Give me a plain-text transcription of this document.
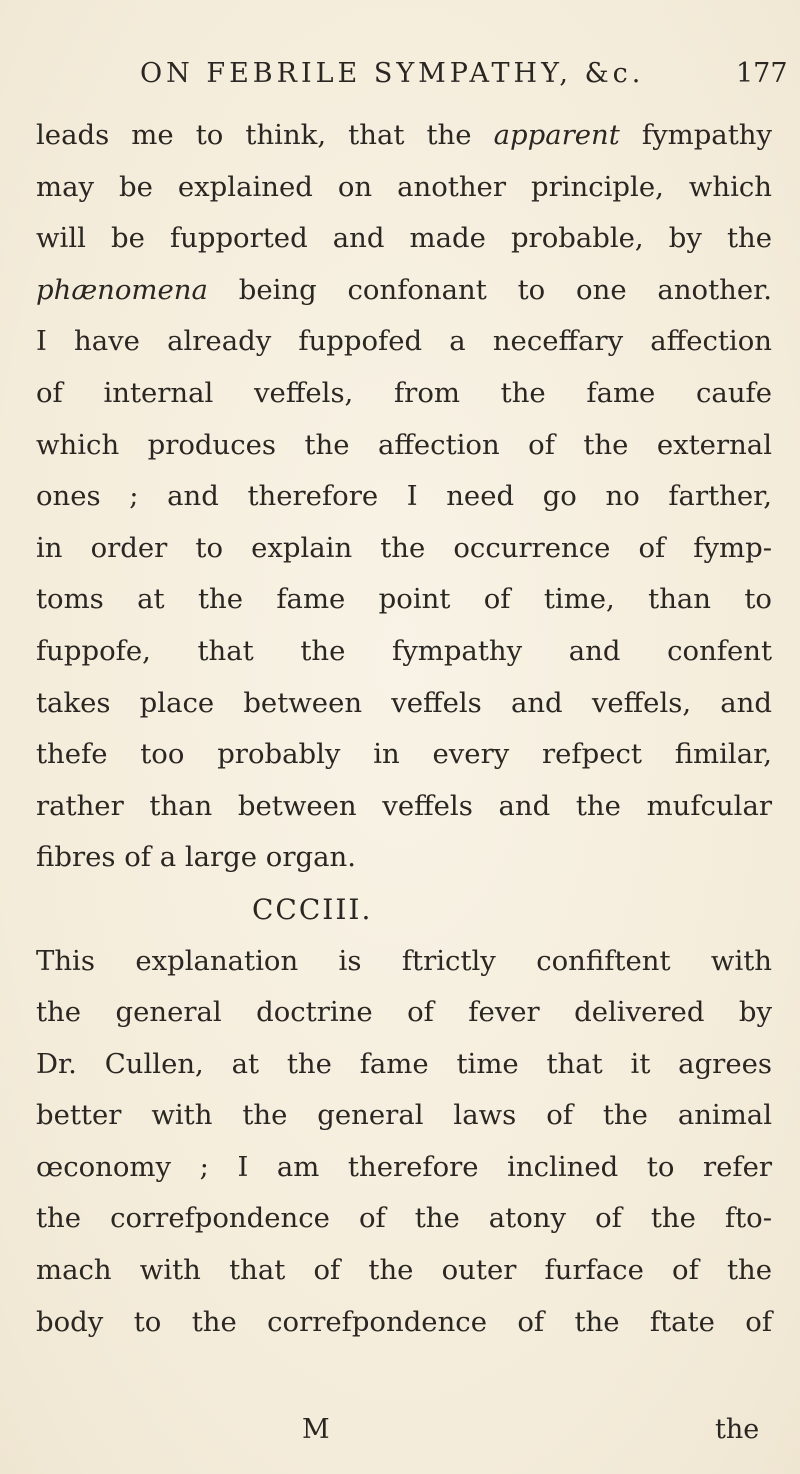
ON FEBRILE SYMPATHY, &c.	177
leads me to think, that the apparent fympathy
may be explained on another principle, which
will be fupported and made probable, by the
phænomena being confonant to one another.
I have already fuppofed a neceffary affection
of internal veffels, from the fame caufe
which produces the affection of the external
ones ; and therefore I need go no farther,
in order to explain the occurrence of fymp-
toms at the fame point of time, than to
fuppofe, that the fympathy and confent
takes place between veffels and veffels, and
thefe too probably in every refpect fimilar,
rather than between veffels and the mufcular
fibres of a large organ.
CCCIII.
This explanation is ftrictly confiftent with
the general doctrine of fever delivered by
Dr. Cullen, at the fame time that it agrees
better with the general laws of the animal
œconomy ; I am therefore inclined to refer
the correfpondence of the atony of the fto-
mach with that of the outer furface of the
body to the correfpondence of the ftate of
M	the
